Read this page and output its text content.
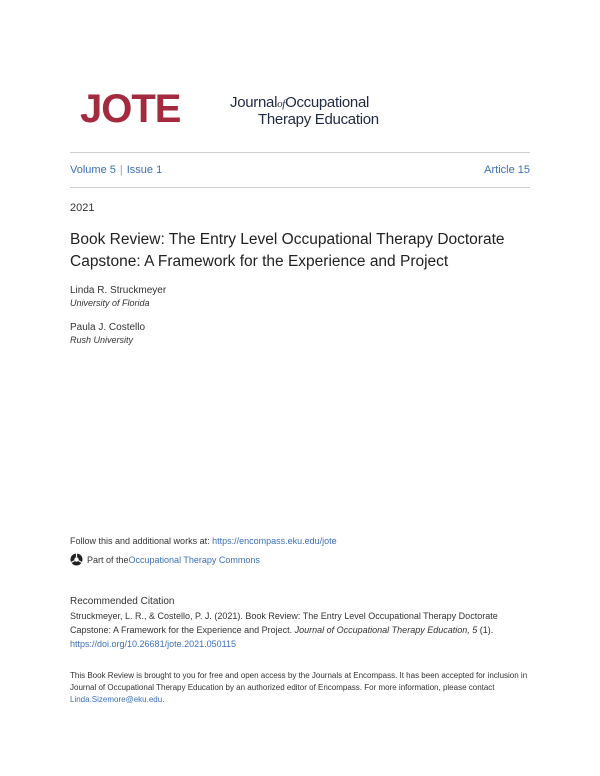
JOTE	JournalofOccupational
Therapy Education
Volume 5 | Issue 1	Article 15
2021
Book Review: The Entry Level Occupational Therapy Doctorate Capstone: A Framework for the Experience and Project
Linda R. Struckmeyer
University of Florida
Paula J. Costello
Rush University
Follow this and additional works at: https://encompass.eku.edu/jote
Part of the Occupational Therapy Commons
Recommended Citation
Struckmeyer, L. R., & Costello, P. J. (2021). Book Review: The Entry Level Occupational Therapy Doctorate Capstone: A Framework for the Experience and Project. Journal of Occupational Therapy Education, 5 (1).
https://doi.org/10.26681/jote.2021.050115
This Book Review is brought to you for free and open access by the Journals at Encompass. It has been accepted for inclusion in Journal of Occupational Therapy Education by an authorized editor of Encompass. For more information, please contact Linda.Sizemore@eku.edu.
